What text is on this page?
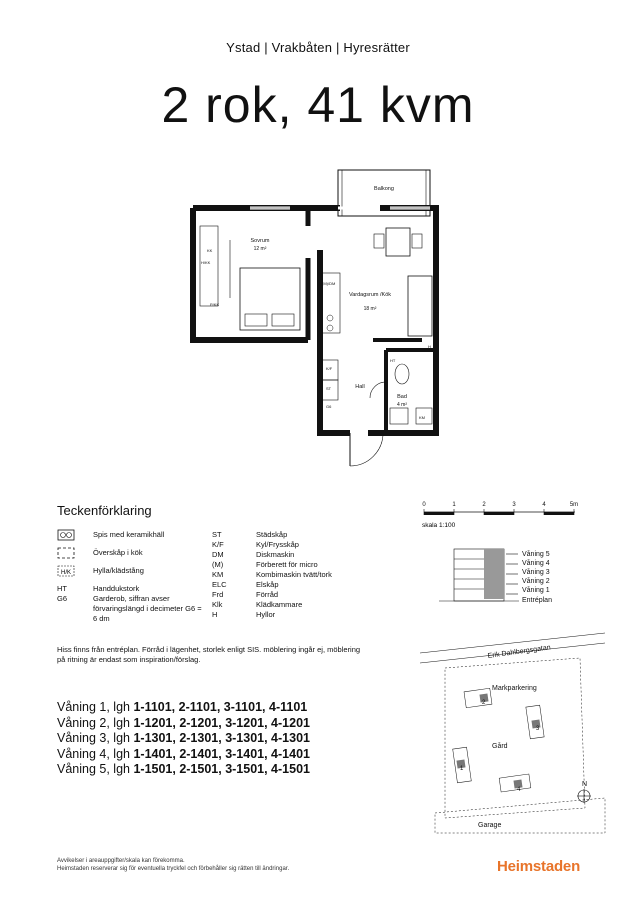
Ystad | Vrakbåten | Hyresrätter
2 rok, 41 kvm
Balkong
Sovrum
12 m²
Vardagsrum /Kök
18 m²
Hall
Bad
4 m²
KK
H/KK
P/KK
(M)/DM
K/F
ST
G6
HT
KM
H
Teckenförklaring
Spis med keramikhäll
Överskåp i kök
H/K	Hylla/klädstång
HT	Handdukstork
G6	Garderob, siffran avser förvaringslängd i decimeter G6 = 6 dm
ST	Städskåp
K/F	Kyl/Frysskåp
DM	Diskmaskin
(M)	Förberett för micro
KM	Kombimaskin tvätt/tork
ELC	Elskåp
Frd	Förråd
Klk	Klädkammare
H	Hyllor
0	1	2	3	4	5m
skala 1:100
Våning 5
Våning 4
Våning 3
Våning 2
Våning 1
Entréplan
Erik Dahlbergsgatan
Markparkering
Gård
Garage
2
3
1
4
N
Hiss finns från entréplan. Förråd i lägenhet, storlek enligt SIS. möblering ingår ej, möblering på ritning är endast som inspiration/förslag.
Våning 1, lgh 1-1101, 2-1101, 3-1101, 4-1101
Våning 2, lgh 1-1201, 2-1201, 3-1201, 4-1201
Våning 3, lgh 1-1301, 2-1301, 3-1301, 4-1301
Våning 4, lgh 1-1401, 2-1401, 3-1401, 4-1401
Våning 5, lgh 1-1501, 2-1501, 3-1501, 4-1501
Avvikelser i areauppgifter/skala kan förekomma.
Heimstaden reserverar sig för eventuella tryckfel och förbehåller sig rätten till ändringar.	Heimstaden
